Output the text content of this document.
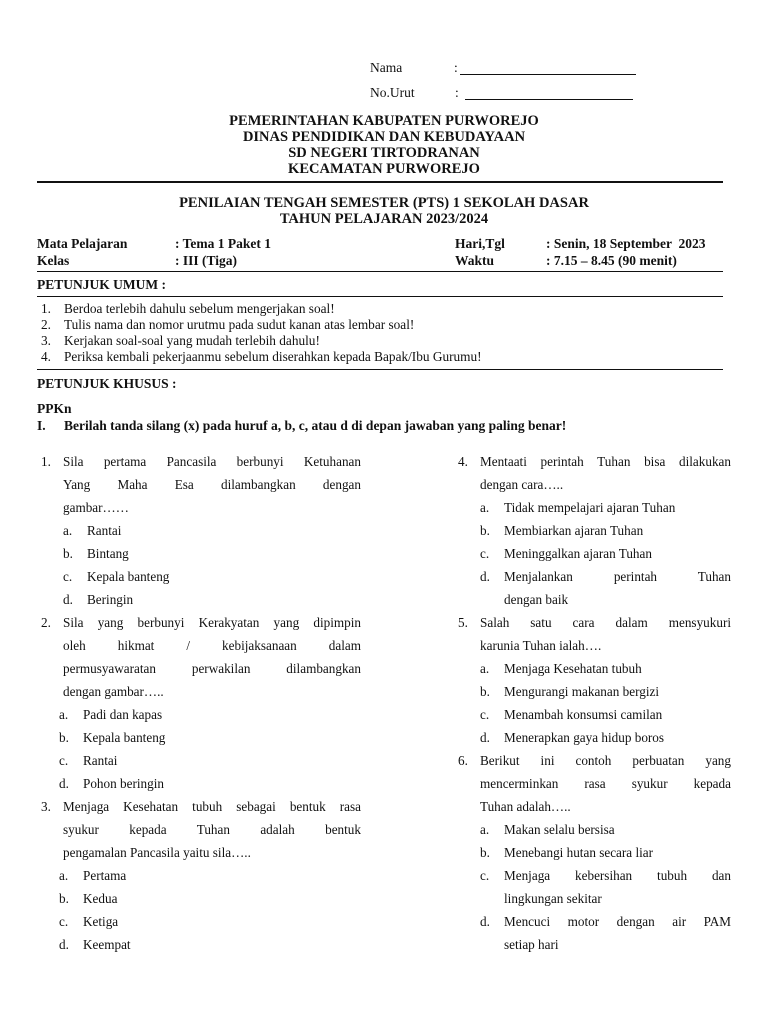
Nama	:
No.Urut	:
PEMERINTAHAN KABUPATEN PURWOREJO
DINAS PENDIDIKAN DAN KEBUDAYAAN
SD NEGERI TIRTODRANAN
KECAMATAN PURWOREJO
PENILAIAN TENGAH SEMESTER (PTS) 1 SEKOLAH DASAR
TAHUN PELAJARAN 2023/2024
Mata Pelajaran	: Tema 1 Paket 1	Hari,Tgl	: Senin, 18 September  2023
Kelas	: III (Tiga)	Waktu	: 7.15 – 8.45 (90 menit)
PETUNJUK UMUM :
1. Berdoa terlebih dahulu sebelum mengerjakan soal!
2. Tulis nama dan nomor urutmu pada sudut kanan atas lembar soal!
3. Kerjakan soal-soal yang mudah terlebih dahulu!
4. Periksa kembali pekerjaanmu sebelum diserahkan kepada Bapak/Ibu Gurumu!
PETUNJUK KHUSUS :
PPKn
I. Berilah tanda silang (x) pada huruf a, b, c, atau d di depan jawaban yang paling benar!
1. Sila pertama Pancasila berbunyi Ketuhanan
Yang Maha Esa dilambangkan dengan
gambar……
a. Rantai
b. Bintang
c. Kepala banteng
d. Beringin
2. Sila yang berbunyi Kerakyatan yang dipimpin
oleh hikmat / kebijaksanaan dalam
permusyawaratan perwakilan dilambangkan
dengan gambar…..
a. Padi dan kapas
b. Kepala banteng
c. Rantai
d. Pohon beringin
3. Menjaga Kesehatan tubuh sebagai bentuk rasa
syukur kepada Tuhan adalah bentuk
pengamalan Pancasila yaitu sila…..
a. Pertama
b. Kedua
c. Ketiga
d. Keempat
4. Mentaati perintah Tuhan bisa dilakukan
dengan cara…..
a. Tidak mempelajari ajaran Tuhan
b. Membiarkan ajaran Tuhan
c. Meninggalkan ajaran Tuhan
d. Menjalankan perintah Tuhan
dengan baik
5. Salah satu cara dalam mensyukuri
karunia Tuhan ialah….
a. Menjaga Kesehatan tubuh
b. Mengurangi makanan bergizi
c. Menambah konsumsi camilan
d. Menerapkan gaya hidup boros
6. Berikut ini contoh perbuatan yang
mencerminkan rasa syukur kepada
Tuhan adalah…..
a. Makan selalu bersisa
b. Menebangi hutan secara liar
c. Menjaga kebersihan tubuh dan
lingkungan sekitar
d. Mencuci motor dengan air PAM
setiap hari
